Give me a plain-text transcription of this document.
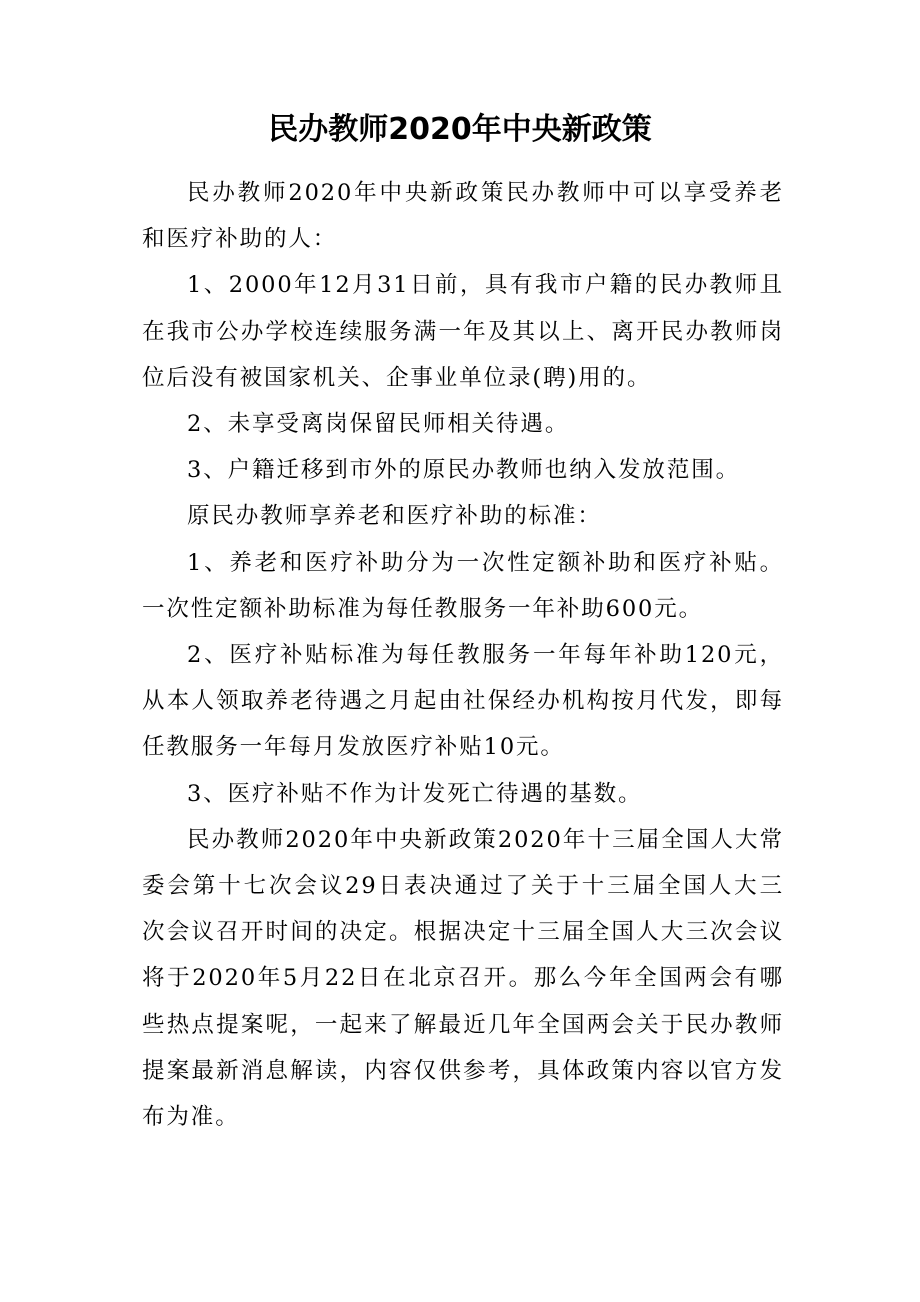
民办教师2020年中央新政策

民办教师2020年中央新政策民办教师中可以享受养老和医疗补助的人：

1、2000年12月31日前，具有我市户籍的民办教师且在我市公办学校连续服务满一年及其以上、离开民办教师岗位后没有被国家机关、企事业单位录(聘)用的。

2、未享受离岗保留民师相关待遇。

3、户籍迁移到市外的原民办教师也纳入发放范围。

原民办教师享养老和医疗补助的标准：

1、养老和医疗补助分为一次性定额补助和医疗补贴。一次性定额补助标准为每任教服务一年补助600元。

2、医疗补贴标准为每任教服务一年每年补助120元，从本人领取养老待遇之月起由社保经办机构按月代发，即每任教服务一年每月发放医疗补贴10元。

3、医疗补贴不作为计发死亡待遇的基数。

民办教师2020年中央新政策2020年十三届全国人大常委会第十七次会议29日表决通过了关于十三届全国人大三次会议召开时间的决定。根据决定十三届全国人大三次会议将于2020年5月22日在北京召开。那么今年全国两会有哪些热点提案呢，一起来了解最近几年全国两会关于民办教师提案最新消息解读，内容仅供参考，具体政策内容以官方发布为准。
